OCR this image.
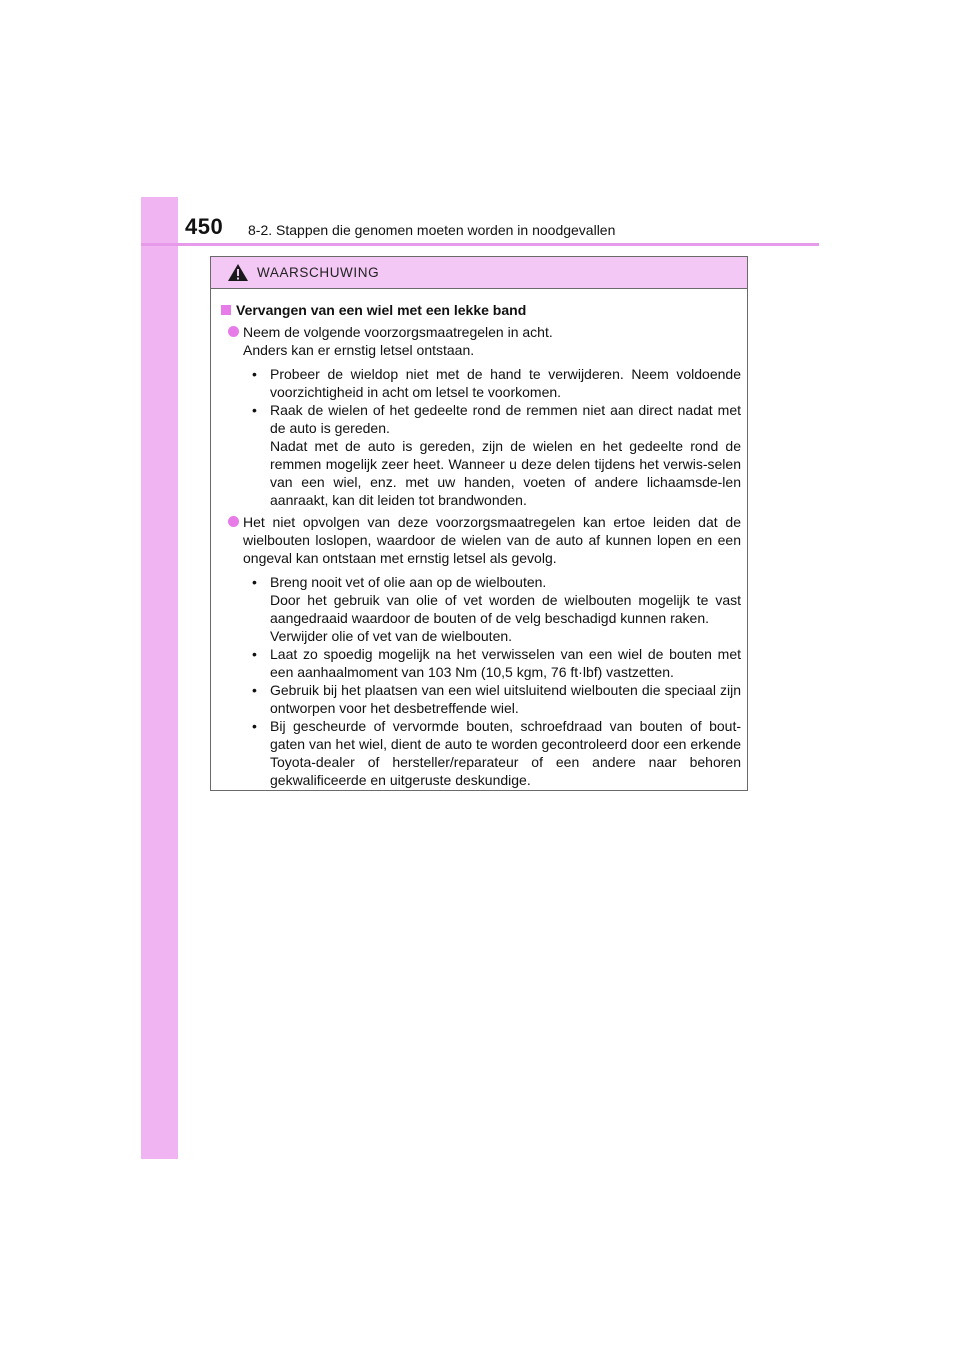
450 8-2. Stappen die genomen moeten worden in noodgevallen
WAARSCHUWING
Vervangen van een wiel met een lekke band
Neem de volgende voorzorgsmaatregelen in acht.
Anders kan er ernstig letsel ontstaan.
• Probeer de wieldop niet met de hand te verwijderen. Neem voldoende voorzichtigheid in acht om letsel te voorkomen.
• Raak de wielen of het gedeelte rond de remmen niet aan direct nadat met de auto is gereden.
Nadat met de auto is gereden, zijn de wielen en het gedeelte rond de remmen mogelijk zeer heet. Wanneer u deze delen tijdens het verwis-selen van een wiel, enz. met uw handen, voeten of andere lichaamsde-len aanraakt, kan dit leiden tot brandwonden.
Het niet opvolgen van deze voorzorgsmaatregelen kan ertoe leiden dat de wielbouten loslopen, waardoor de wielen van de auto af kunnen lopen en een ongeval kan ontstaan met ernstig letsel als gevolg.
• Breng nooit vet of olie aan op de wielbouten.
Door het gebruik van olie of vet worden de wielbouten mogelijk te vast aangedraaid waardoor de bouten of de velg beschadigd kunnen raken.
Verwijder olie of vet van de wielbouten.
• Laat zo spoedig mogelijk na het verwisselen van een wiel de bouten met een aanhaalmoment van 103 Nm (10,5 kgm, 76 ft·lbf) vastzetten.
• Gebruik bij het plaatsen van een wiel uitsluitend wielbouten die speciaal zijn ontworpen voor het desbetreffende wiel.
• Bij gescheurde of vervormde bouten, schroefdraad van bouten of bout-gaten van het wiel, dient de auto te worden gecontroleerd door een erkende Toyota-dealer of hersteller/reparateur of een andere naar behoren gekwalificeerde en uitgeruste deskundige.
